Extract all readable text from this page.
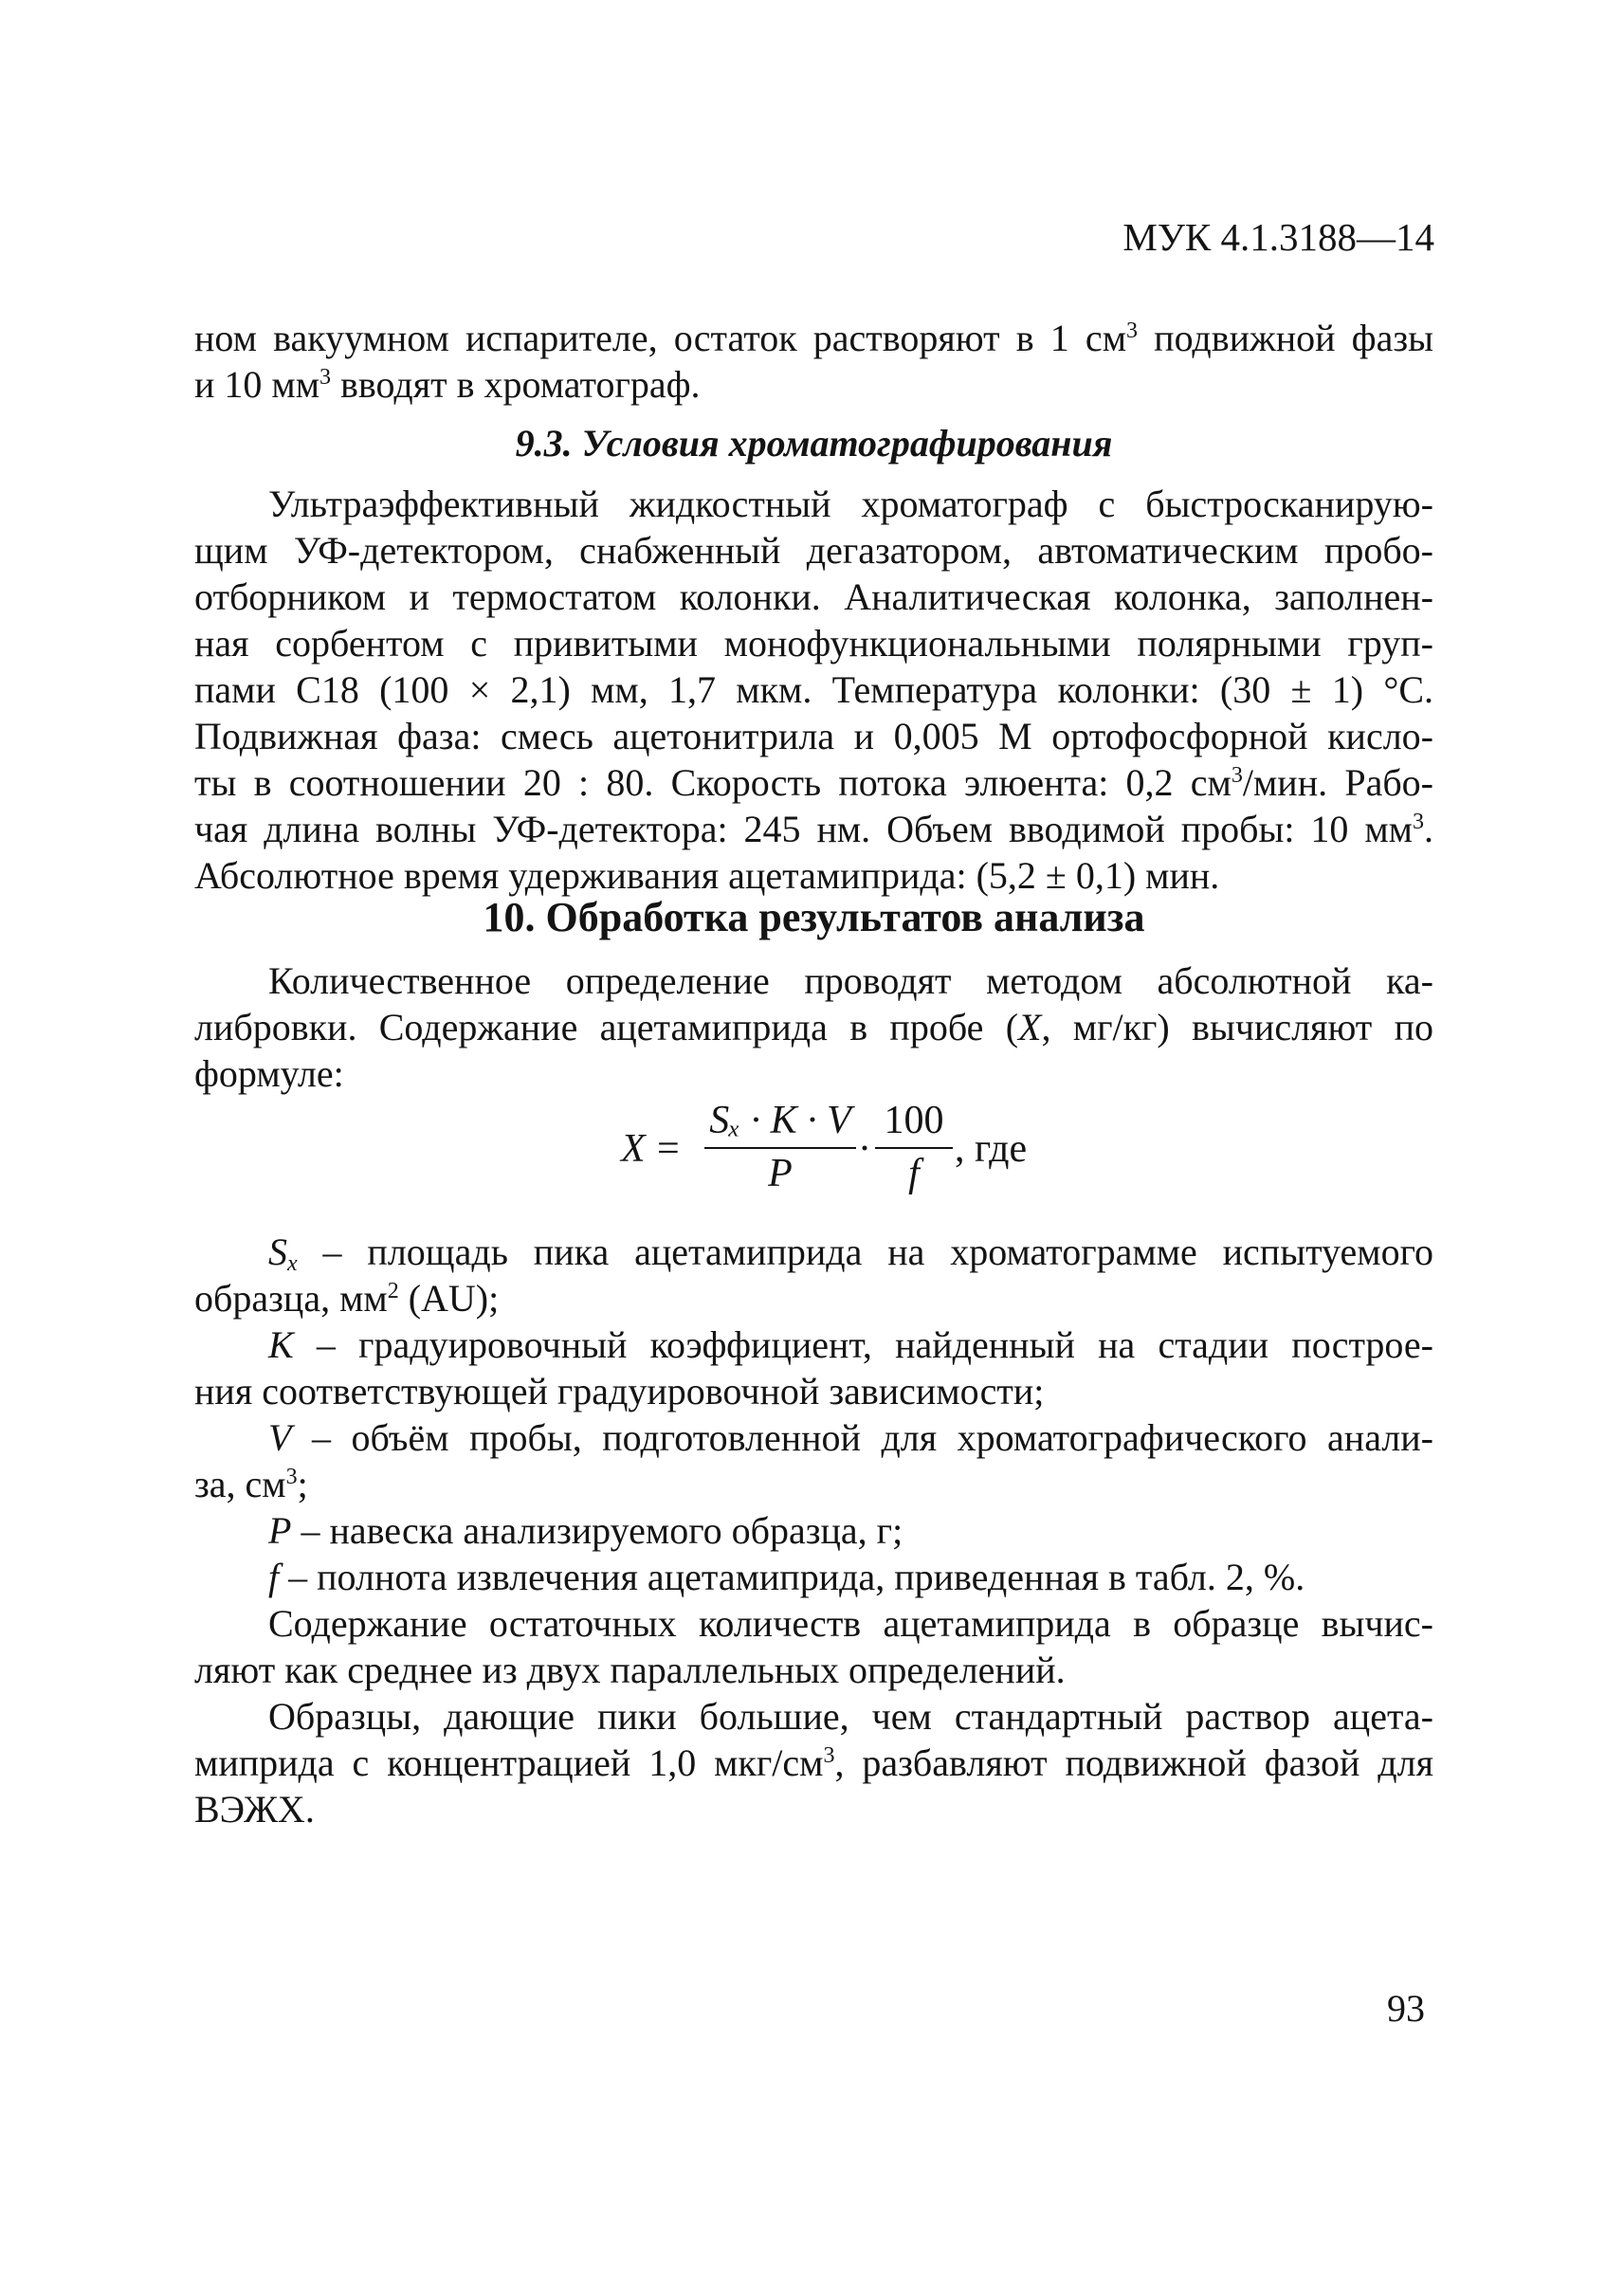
МУК 4.1.3188—14
ном вакуумном испарителе, остаток растворяют в 1 $см^3$ подвижной фазы
и 10 $мм^3$ вводят в хроматограф.
9.3. Условия хроматографирования
Ультраэффективный жидкостный хроматограф с быстросканирую-
щим УФ-детектором, снабженный дегазатором, автоматическим пробо-
отборником и термостатом колонки. Аналитическая колонка, заполнен-
ная сорбентом с привитыми монофункциональными полярными груп-
пами C18 (100 × 2,1) мм, 1,7 мкм. Температура колонки: (30 ± 1) °C.
Подвижная фаза: смесь ацетонитрила и 0,005 М ортофосфорной кисло-
ты в соотношении 20 : 80. Скорость потока элюента: 0,2 $см^3$/мин. Рабо-
чая длина волны УФ-детектора: 245 нм. Объем вводимой пробы: 10 $мм^3$.
Абсолютное время удерживания ацетамиприда: (5,2 ± 0,1) мин.
10. Обработка результатов анализа
Количественное определение проводят методом абсолютной ка-
либровки. Содержание ацетамиприда в пробе (X, мг/кг) вычисляют по
формуле:
X =
Sₓ · K · V
P
·
100
f
, где
$S_x$ – площадь пика ацетамиприда на хроматограмме испытуемого
образца, $мм^2$ (AU);
K – градуировочный коэффициент, найденный на стадии построе-
ния соответствующей градуировочной зависимости;
V – объём пробы, подготовленной для хроматографического анали-
за, $см^3$;
P – навеска анализируемого образца, г;
f – полнота извлечения ацетамиприда, приведенная в табл. 2, %.
Содержание остаточных количеств ацетамиприда в образце вычис-
ляют как среднее из двух параллельных определений.
Образцы, дающие пики большие, чем стандартный раствор ацета-
миприда с концентрацией 1,0 мкг/$см^3$, разбавляют подвижной фазой для
ВЭЖХ.
93
